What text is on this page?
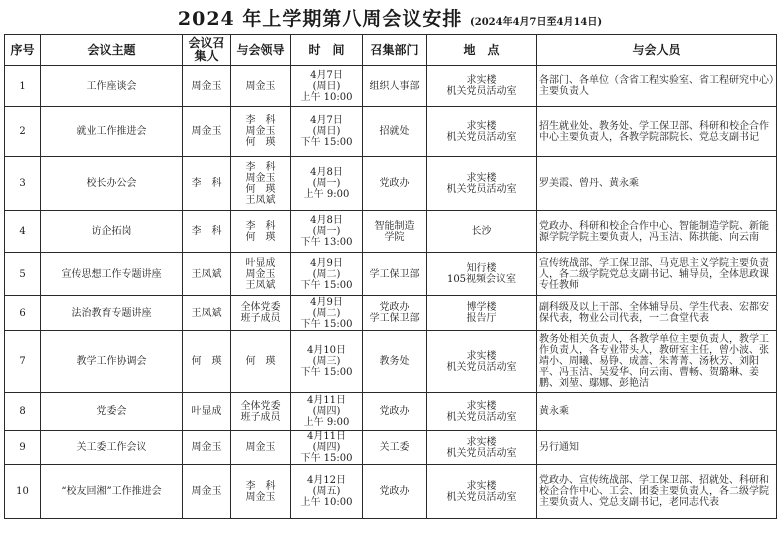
2024 年上学期第八周会议安排 (2024年4月7日至4月14日)
序号	会议主题	会议召集人	与会领导	时　间	召集部门	地　点	与会人员
1	工作座谈会	周金玉	周金玉	4月7日
(周日)
上午 10:00	组织人事部	求实楼
机关党员活动室	各部门、各单位（含省工程实验室、省工程研究中心）主要负责人
2	就业工作推进会	周金玉	李　科
周金玉
何　瑛	4月7日
(周日)
下午 15:00	招就处	求实楼
机关党员活动室	招生就业处、教务处、学工保卫部、科研和校企合作中心主要负责人，各教学院部院长、党总支副书记
3	校长办公会	李　科	李　科
周金玉
何　瑛
王凤斌	4月8日
(周一)
上午 9:00	党政办	求实楼
机关党员活动室	罗美霞、曾丹、黄永乘
4	访企拓岗	李　科	李　科
何　瑛	4月8日
(周一)
下午 13:00	智能制造
学院	长沙	党政办、科研和校企合作中心、智能制造学院、新能源学院学院主要负责人，冯玉洁、陈拱能、向云南
5	宣传思想工作专题讲座	王凤斌	叶显成
周金玉
王凤斌	4月9日
(周二)
下午 15:00	学工保卫部	知行楼
105视频会议室	宣传统战部、学工保卫部、马克思主义学院主要负责人，各二级学院党总支副书记、辅导员，全体思政课专任教师
6	法治教育专题讲座	王凤斌	全体党委
班子成员	4月9日
(周二)
下午 15:00	党政办
学工保卫部	博学楼
报告厅	副科级及以上干部、全体辅导员、学生代表、宏都安保代表，物业公司代表，一二食堂代表
7	教学工作协调会	何　瑛	何　瑛	4月10日
(周三)
下午 15:00	教务处	求实楼
机关党员活动室	教务处相关负责人，各教学单位主要负责人，教学工作负责人，各专业带头人，教研室主任，曾小波、张靖小、周曦、易铮、成蔷、朱菁菁、汤秋芳、刘阳平、冯玉洁、吴爱华、向云南、曹畅、贺璐琳、姜鹏、刘堃、鄢娜、彭艳洁
8	党委会	叶显成	全体党委
班子成员	4月11日
(周四)
上午 9:00	党政办	求实楼
机关党员活动室	黄永乘
9	关工委工作会议	周金玉	周金玉	4月11日
(周四)
下午 15:00	关工委	求实楼
机关党员活动室	另行通知
10	“校友回湘”工作推进会	周金玉	李　科
周金玉	4月12日
(周五)
上午 10:00	党政办	求实楼
机关党员活动室	党政办、宣传统战部、学工保卫部、招就处、科研和校企合作中心、工会、团委主要负责人，各二级学院主要负责人、党总支副书记，老同志代表
